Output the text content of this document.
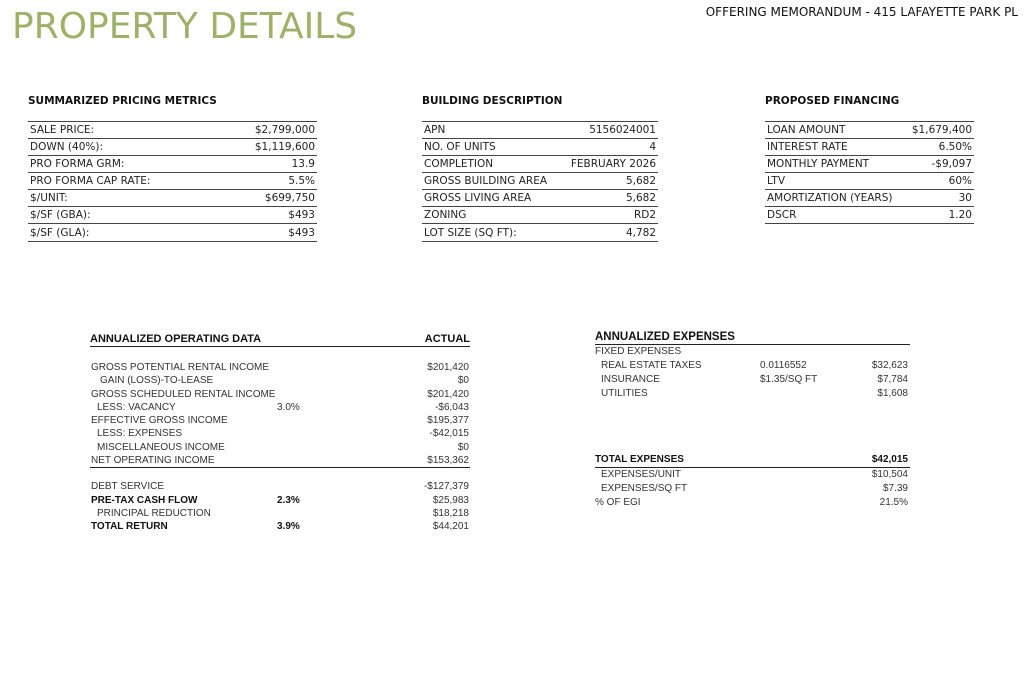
PROPERTY DETAILS	OFFERING MEMORANDUM - 415 LAFAYETTE PARK PL
SUMMARIZED PRICING METRICS
SALE PRICE:	$2,799,000
DOWN (40%):	$1,119,600
PRO FORMA GRM:	13.9
PRO FORMA CAP RATE:	5.5%
$/UNIT:	$699,750
$/SF (GBA):	$493
$/SF (GLA):	$493
BUILDING DESCRIPTION
APN	5156024001
NO. OF UNITS	4
COMPLETION	FEBRUARY 2026
GROSS BUILDING AREA	5,682
GROSS LIVING AREA	5,682
ZONING	RD2
LOT SIZE (SQ FT):	4,782
PROPOSED FINANCING
LOAN AMOUNT	$1,679,400
INTEREST RATE	6.50%
MONTHLY PAYMENT	-$9,097
LTV	60%
AMORTIZATION (YEARS)	30
DSCR	1.20
ANNUALIZED OPERATING DATA	ACTUAL
GROSS POTENTIAL RENTAL INCOME	$201,420
GAIN (LOSS)-TO-LEASE	$0
GROSS SCHEDULED RENTAL INCOME	$201,420
LESS: VACANCY	3.0%	-$6,043
EFFECTIVE GROSS INCOME	$195,377
LESS: EXPENSES	-$42,015
MISCELLANEOUS INCOME	$0
NET OPERATING INCOME	$153,362
DEBT SERVICE	-$127,379
PRE-TAX CASH FLOW	2.3%	$25,983
PRINCIPAL REDUCTION	$18,218
TOTAL RETURN	3.9%	$44,201
ANNUALIZED EXPENSES
FIXED EXPENSES
REAL ESTATE TAXES	0.0116552	$32,623
INSURANCE	$1.35/SQ FT	$7,784
UTILITIES	$1,608
TOTAL EXPENSES	$42,015
EXPENSES/UNIT	$10,504
EXPENSES/SQ FT	$7.39
% OF EGI	21.5%
